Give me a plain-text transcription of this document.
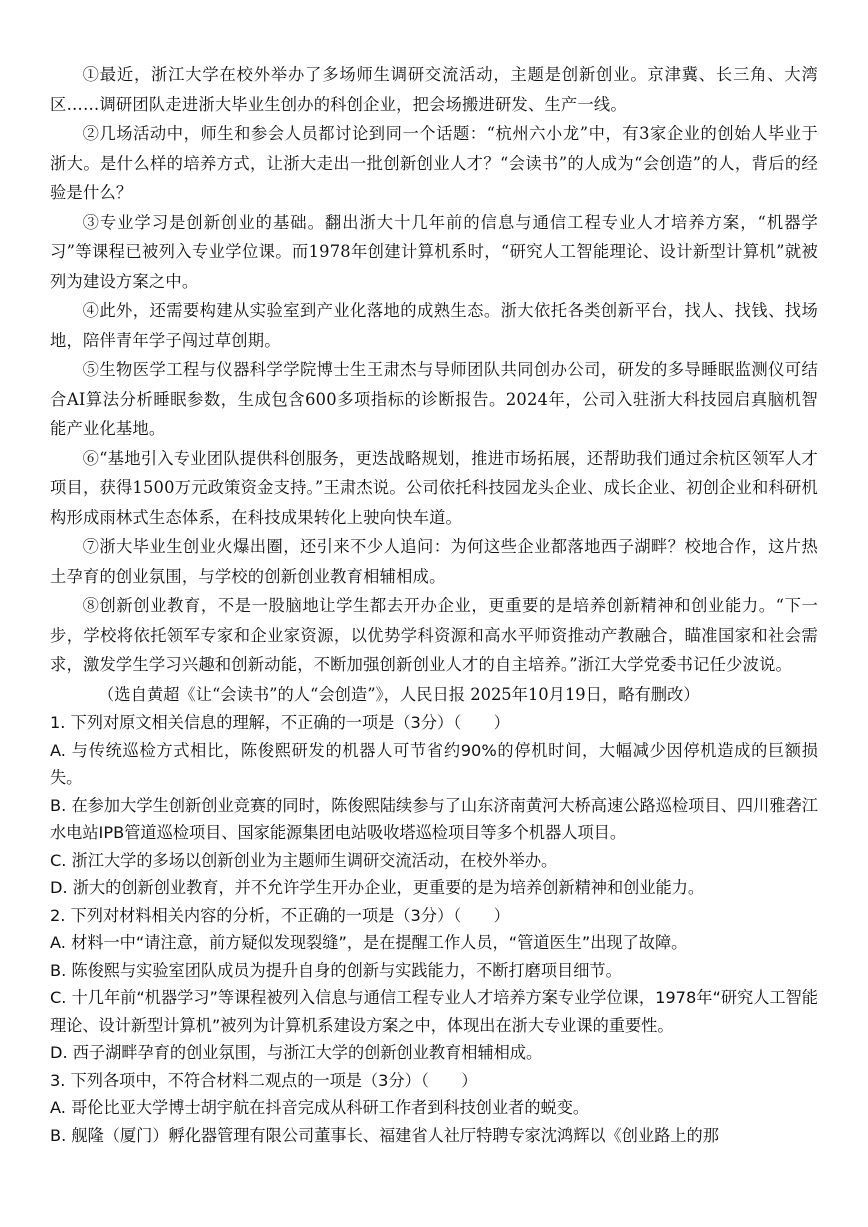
①最近，浙江大学在校外举办了多场师生调研交流活动，主题是创新创业。京津冀、长三角、大湾区……调研团队走进浙大毕业生创办的科创企业，把会场搬进研发、生产一线。

②几场活动中，师生和参会人员都讨论到同一个话题：“杭州六小龙”中，有3家企业的创始人毕业于浙大。是什么样的培养方式，让浙大走出一批创新创业人才？“会读书”的人成为“会创造”的人，背后的经验是什么？

③专业学习是创新创业的基础。翻出浙大十几年前的信息与通信工程专业人才培养方案，“机器学习”等课程已被列入专业学位课。而1978年创建计算机系时，“研究人工智能理论、设计新型计算机”就被列为建设方案之中。

④此外，还需要构建从实验室到产业化落地的成熟生态。浙大依托各类创新平台，找人、找钱、找场地，陪伴青年学子闯过草创期。

⑤生物医学工程与仪器科学学院博士生王肃杰与导师团队共同创办公司，研发的多导睡眠监测仪可结合AI算法分析睡眠参数，生成包含600多项指标的诊断报告。2024年，公司入驻浙大科技园启真脑机智能产业化基地。

⑥“基地引入专业团队提供科创服务，更迭战略规划，推进市场拓展，还帮助我们通过余杭区领军人才项目，获得1500万元政策资金支持。”王肃杰说。公司依托科技园龙头企业、成长企业、初创企业和科研机构形成雨林式生态体系，在科技成果转化上驶向快车道。

⑦浙大毕业生创业火爆出圈，还引来不少人追问：为何这些企业都落地西子湖畔？校地合作，这片热土孕育的创业氛围，与学校的创新创业教育相辅相成。

⑧创新创业教育，不是一股脑地让学生都去开办企业，更重要的是培养创新精神和创业能力。“下一步，学校将依托领军专家和企业家资源，以优势学科资源和高水平师资推动产教融合，瞄准国家和社会需求，激发学生学习兴趣和创新动能，不断加强创新创业人才的自主培养。”浙江大学党委书记任少波说。

（选自黄超《让“会读书”的人“会创造”》，人民日报 2025年10月19日，略有删改）

1. 下列对原文相关信息的理解，不正确的一项是（3分）（　　）

A. 与传统巡检方式相比，陈俊熙研发的机器人可节省约90%的停机时间，大幅减少因停机造成的巨额损失。

B. 在参加大学生创新创业竞赛的同时，陈俊熙陆续参与了山东济南黄河大桥高速公路巡检项目、四川雅砻江水电站IPB管道巡检项目、国家能源集团电站吸收塔巡检项目等多个机器人项目。

C. 浙江大学的多场以创新创业为主题师生调研交流活动，在校外举办。

D. 浙大的创新创业教育，并不允许学生开办企业，更重要的是为培养创新精神和创业能力。

2. 下列对材料相关内容的分析，不正确的一项是（3分）（　　）

A. 材料一中“请注意，前方疑似发现裂缝”，是在提醒工作人员，“管道医生”出现了故障。

B. 陈俊熙与实验室团队成员为提升自身的创新与实践能力，不断打磨项目细节。

C. 十几年前“机器学习”等课程被列入信息与通信工程专业人才培养方案专业学位课，1978年“研究人工智能理论、设计新型计算机”被列为计算机系建设方案之中，体现出在浙大专业课的重要性。

D. 西子湖畔孕育的创业氛围，与浙江大学的创新创业教育相辅相成。

3. 下列各项中，不符合材料二观点的一项是（3分）（　　）

A. 哥伦比亚大学博士胡宇航在抖音完成从科研工作者到科技创业者的蜕变。

B. 舰隆（厦门）孵化器管理有限公司董事长、福建省人社厅特聘专家沈鸿辉以《创业路上的那
